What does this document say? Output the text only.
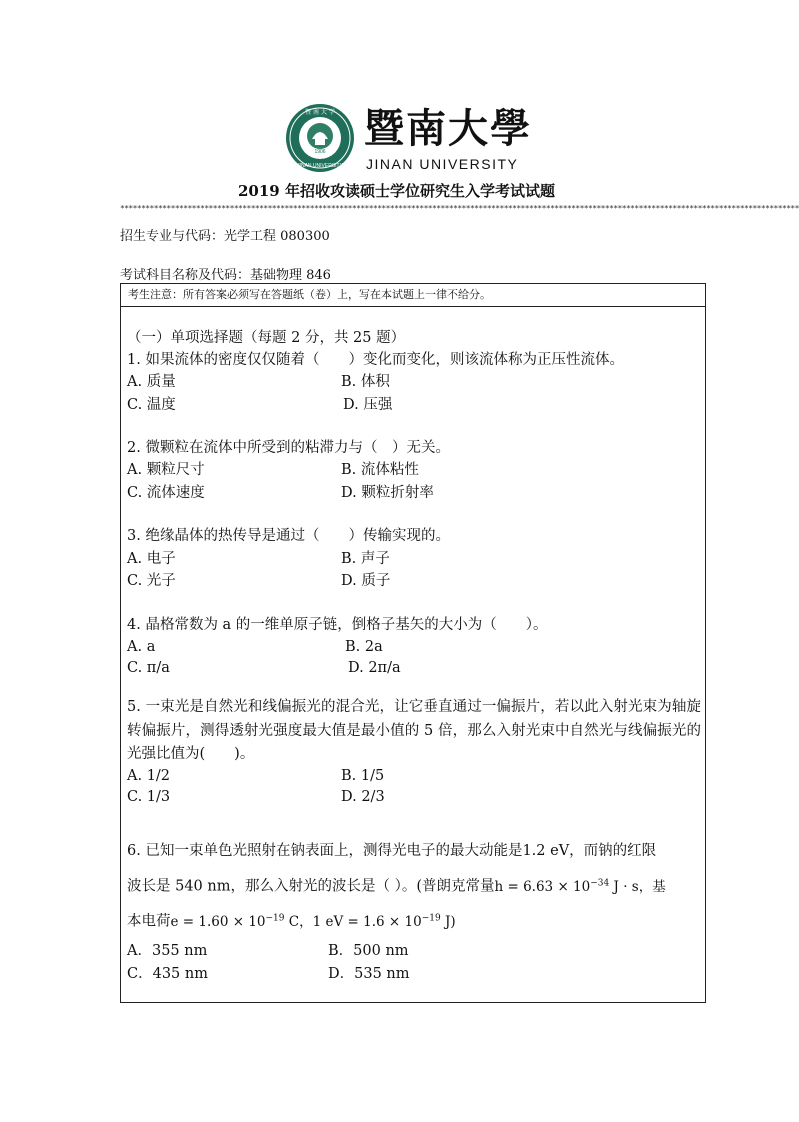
1906
暨 南 大 学
JINAN UNIVERSITY
暨南大學
JINAN UNIVERSITY
2019 年招收攻读硕士学位研究生入学考试试题
*****************************************************************************************************************************************************************
招生专业与代码：光学工程 080300
考试科目名称及代码：基础物理 846
考生注意：所有答案必须写在答题纸（卷）上，写在本试题上一律不给分。
（一）单项选择题（每题 2 分，共 25 题）
1. 如果流体的密度仅仅随着（　　）变化而变化，则该流体称为正压性流体。
A. 质量	B. 体积
C. 温度	D. 压强
2. 微颗粒在流体中所受到的粘滞力与（　）无关。
A. 颗粒尺寸	B. 流体粘性
C. 流体速度	D. 颗粒折射率
3. 绝缘晶体的热传导是通过（　　）传输实现的。
A. 电子	B. 声子
C. 光子	D. 质子
4. 晶格常数为 a 的一维单原子链，倒格子基矢的大小为（　　）。
A. a	B. 2a
C. π/a	D. 2π/a
5. 一束光是自然光和线偏振光的混合光，让它垂直通过一偏振片，若以此入射光束为轴旋转偏振片，测得透射光强度最大值是最小值的 5 倍，那么入射光束中自然光与线偏振光的光强比值为(　　)。
A. 1/2	B. 1/5
C. 1/3	D. 2/3
6. 已知一束单色光照射在钠表面上，测得光电子的最大动能是1.2 eV，而钠的红限
波长是 540 nm，那么入射光的波长是（ ）。(普朗克常量$h = 6.63 \times 10^{-34}$ J · s，基
本电荷$e = 1.60 \times 10^{-19}$ C，1 eV = $1.6 \times 10^{-19}$ J)
A．355 nm	B．500 nm
C．435 nm	D．535 nm
